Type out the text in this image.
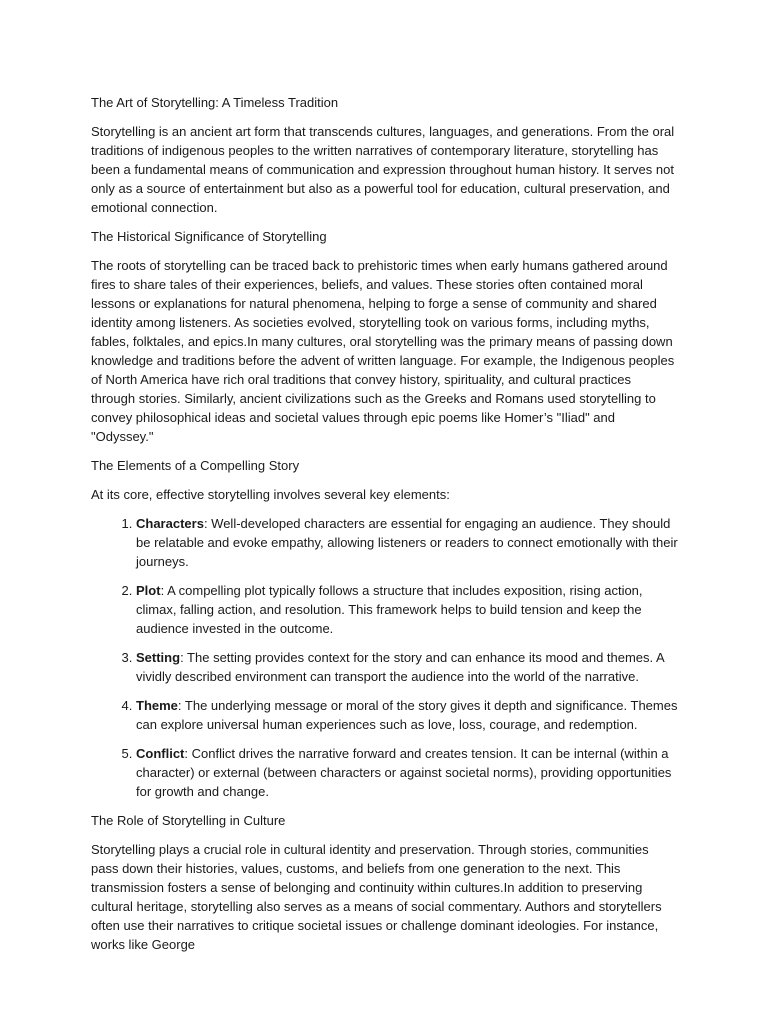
The Art of Storytelling: A Timeless Tradition

Storytelling is an ancient art form that transcends cultures, languages, and generations. From the oral traditions of indigenous peoples to the written narratives of contemporary literature, storytelling has been a fundamental means of communication and expression throughout human history. It serves not only as a source of entertainment but also as a powerful tool for education, cultural preservation, and emotional connection.

The Historical Significance of Storytelling

The roots of storytelling can be traced back to prehistoric times when early humans gathered around fires to share tales of their experiences, beliefs, and values. These stories often contained moral lessons or explanations for natural phenomena, helping to forge a sense of community and shared identity among listeners. As societies evolved, storytelling took on various forms, including myths, fables, folktales, and epics.In many cultures, oral storytelling was the primary means of passing down knowledge and traditions before the advent of written language. For example, the Indigenous peoples of North America have rich oral traditions that convey history, spirituality, and cultural practices through stories. Similarly, ancient civilizations such as the Greeks and Romans used storytelling to convey philosophical ideas and societal values through epic poems like Homer’s "Iliad" and "Odyssey."

The Elements of a Compelling Story

At its core, effective storytelling involves several key elements:

1. Characters: Well-developed characters are essential for engaging an audience. They should be relatable and evoke empathy, allowing listeners or readers to connect emotionally with their journeys.
2. Plot: A compelling plot typically follows a structure that includes exposition, rising action, climax, falling action, and resolution. This framework helps to build tension and keep the audience invested in the outcome.
3. Setting: The setting provides context for the story and can enhance its mood and themes. A vividly described environment can transport the audience into the world of the narrative.
4. Theme: The underlying message or moral of the story gives it depth and significance. Themes can explore universal human experiences such as love, loss, courage, and redemption.
5. Conflict: Conflict drives the narrative forward and creates tension. It can be internal (within a character) or external (between characters or against societal norms), providing opportunities for growth and change.

The Role of Storytelling in Culture

Storytelling plays a crucial role in cultural identity and preservation. Through stories, communities pass down their histories, values, customs, and beliefs from one generation to the next. This transmission fosters a sense of belonging and continuity within cultures.In addition to preserving cultural heritage, storytelling also serves as a means of social commentary. Authors and storytellers often use their narratives to critique societal issues or challenge dominant ideologies. For instance, works like George
